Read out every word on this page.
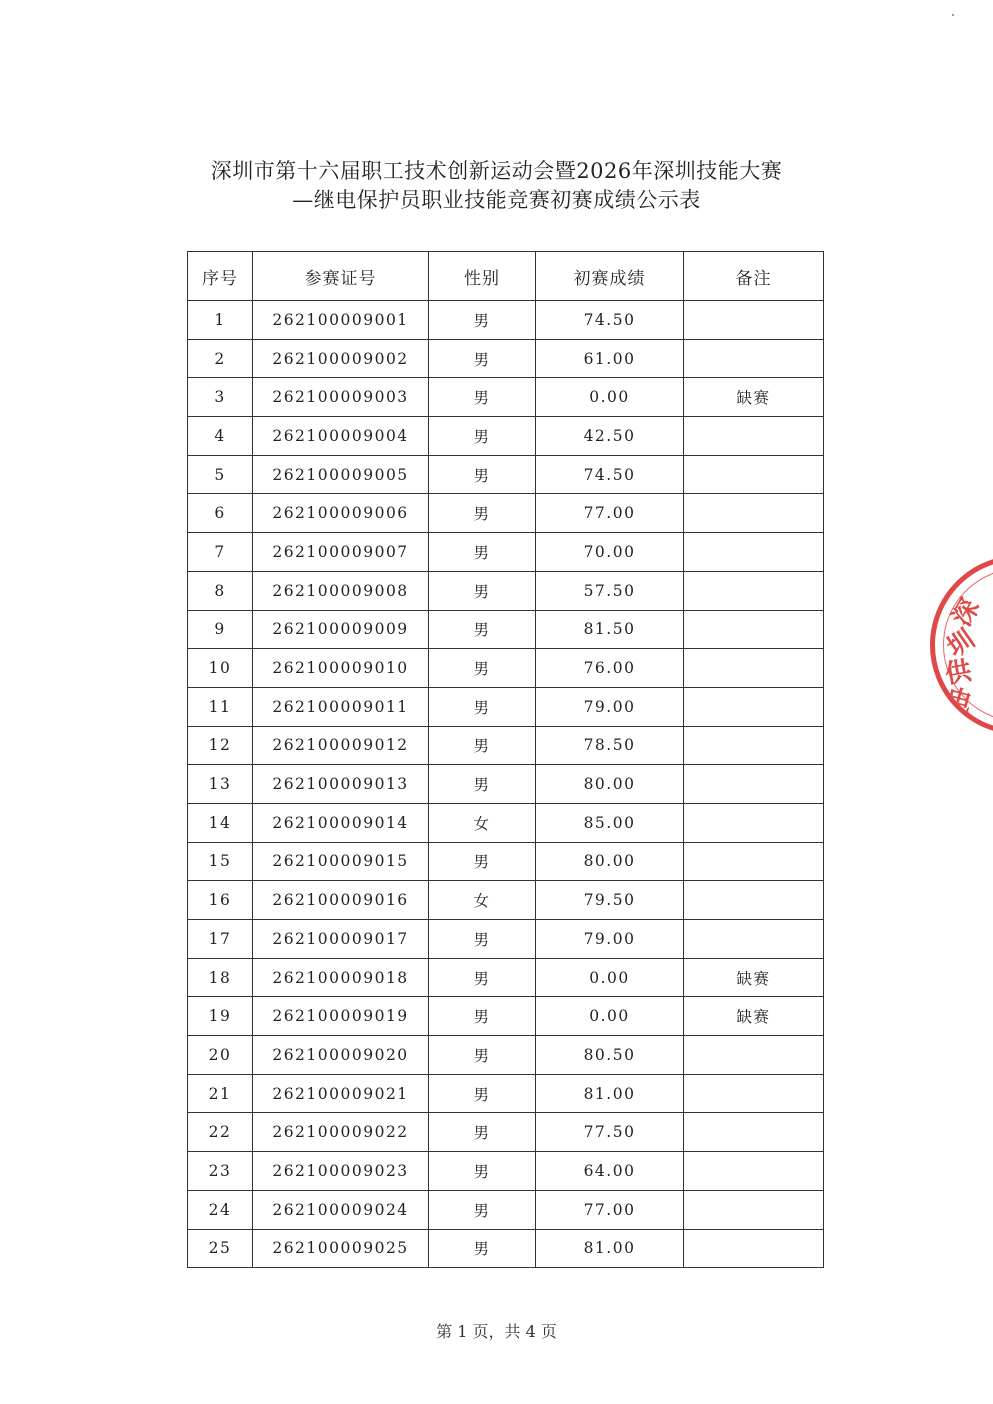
深圳市第十六届职工技术创新运动会暨2026年深圳技能大赛
—继电保护员职业技能竞赛初赛成绩公示表
序号	参赛证号	性别	初赛成绩	备注
1	262100009001	男	74.50	
2	262100009002	男	61.00	
3	262100009003	男	0.00	缺赛
4	262100009004	男	42.50	
5	262100009005	男	74.50	
6	262100009006	男	77.00	
7	262100009007	男	70.00	
8	262100009008	男	57.50	
9	262100009009	男	81.50	
10	262100009010	男	76.00	
11	262100009011	男	79.00	
12	262100009012	男	78.50	
13	262100009013	男	80.00	
14	262100009014	女	85.00	
15	262100009015	男	80.00	
16	262100009016	女	79.50	
17	262100009017	男	79.00	
18	262100009018	男	0.00	缺赛
19	262100009019	男	0.00	缺赛
20	262100009020	男	80.50	
21	262100009021	男	81.00	
22	262100009022	男	77.50	
23	262100009023	男	64.00	
24	262100009024	男	77.00	
25	262100009025	男	81.00	
第 1 页，共 4 页
深
圳
供
电
